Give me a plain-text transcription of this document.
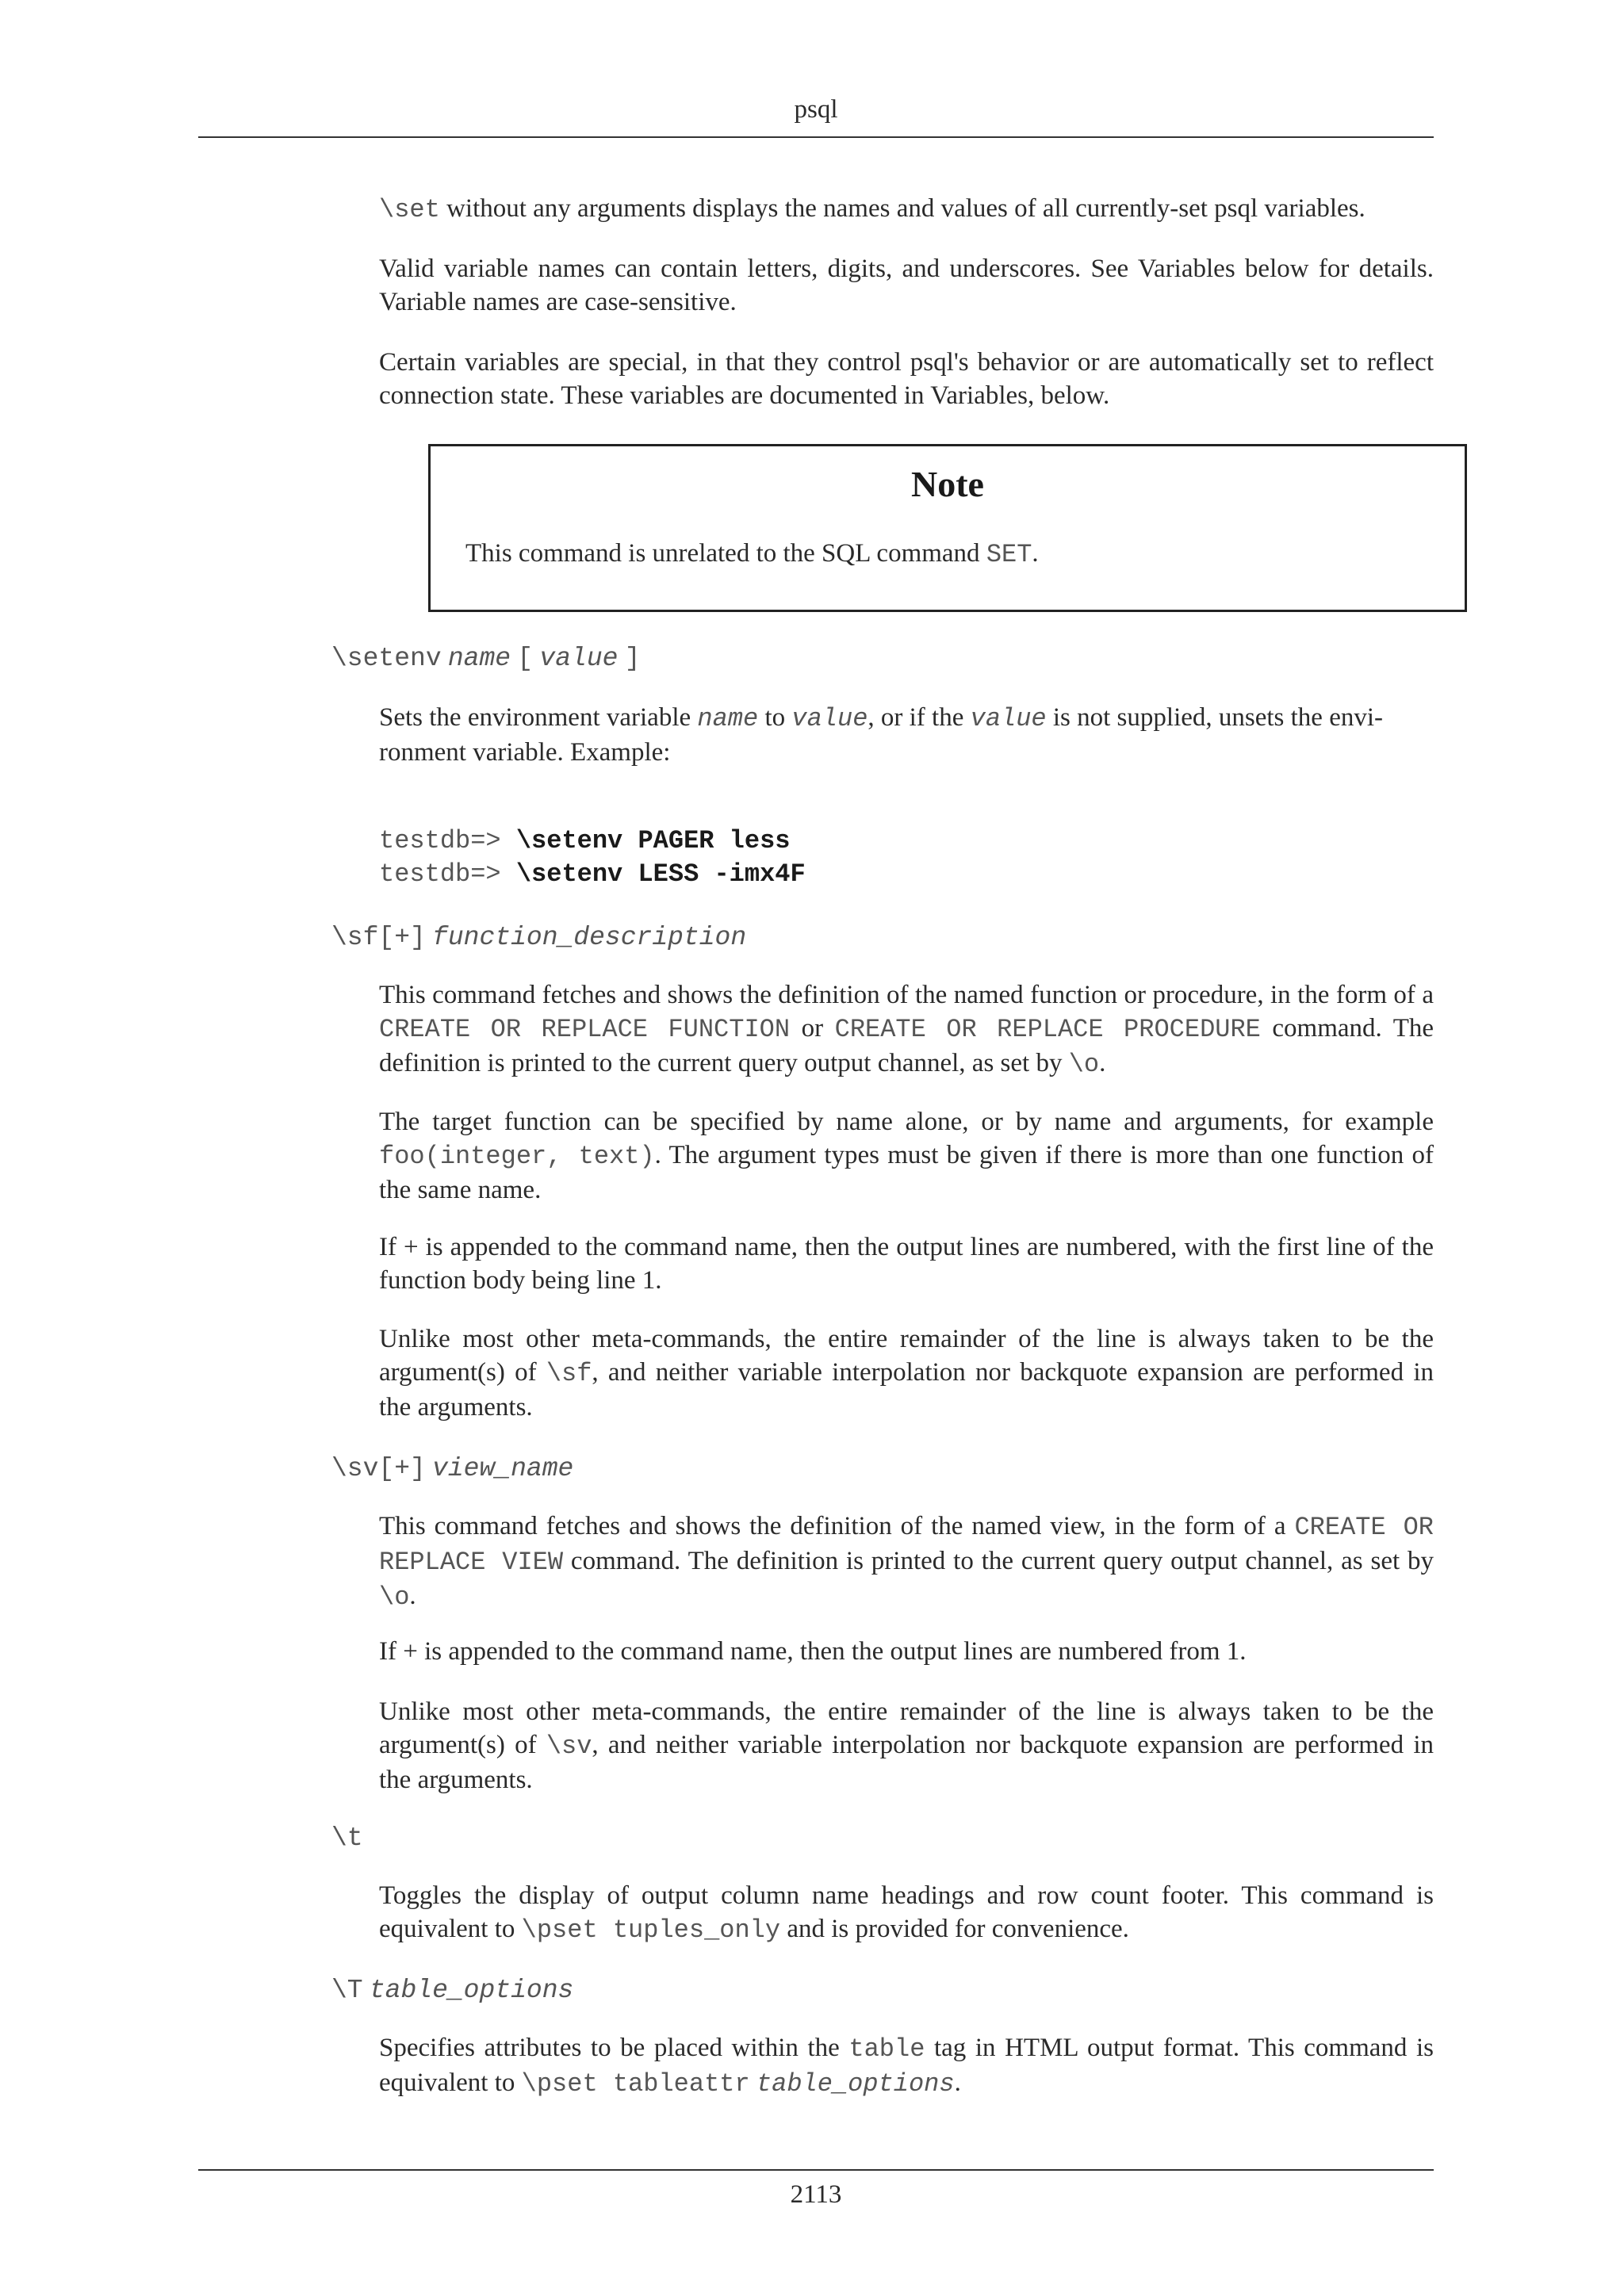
psql
\set without any arguments displays the names and values of all currently-set psql variables.
Valid variable names can contain letters, digits, and underscores. See Variables below for details. Variable names are case-sensitive.
Certain variables are special, in that they control psql's behavior or are automatically set to reflect connection state. These variables are documented in Variables, below.
Note
This command is unrelated to the SQL command SET.
\setenv name [ value ]
Sets the environment variable name to value, or if the value is not supplied, unsets the envi-
ronment variable. Example:
testdb=> \setenv PAGER less
testdb=> \setenv LESS -imx4F
\sf[+] function_description
This command fetches and shows the definition of the named function or procedure, in the form of a CREATE OR REPLACE FUNCTION or CREATE OR REPLACE PROCEDURE command. The definition is printed to the current query output channel, as set by \o.
The target function can be specified by name alone, or by name and arguments, for example foo(integer, text). The argument types must be given if there is more than one function of the same name.
If + is appended to the command name, then the output lines are numbered, with the first line of the function body being line 1.
Unlike most other meta-commands, the entire remainder of the line is always taken to be the argument(s) of \sf, and neither variable interpolation nor backquote expansion are performed in the arguments.
\sv[+] view_name
This command fetches and shows the definition of the named view, in the form of a CREATE OR REPLACE VIEW command. The definition is printed to the current query output channel, as set by \o.
If + is appended to the command name, then the output lines are numbered from 1.
Unlike most other meta-commands, the entire remainder of the line is always taken to be the argument(s) of \sv, and neither variable interpolation nor backquote expansion are performed in the arguments.
\t
Toggles the display of output column name headings and row count footer. This command is equivalent to \pset tuples_only and is provided for convenience.
\T table_options
Specifies attributes to be placed within the table tag in HTML output format. This command is equivalent to \pset tableattr table_options.
2113
